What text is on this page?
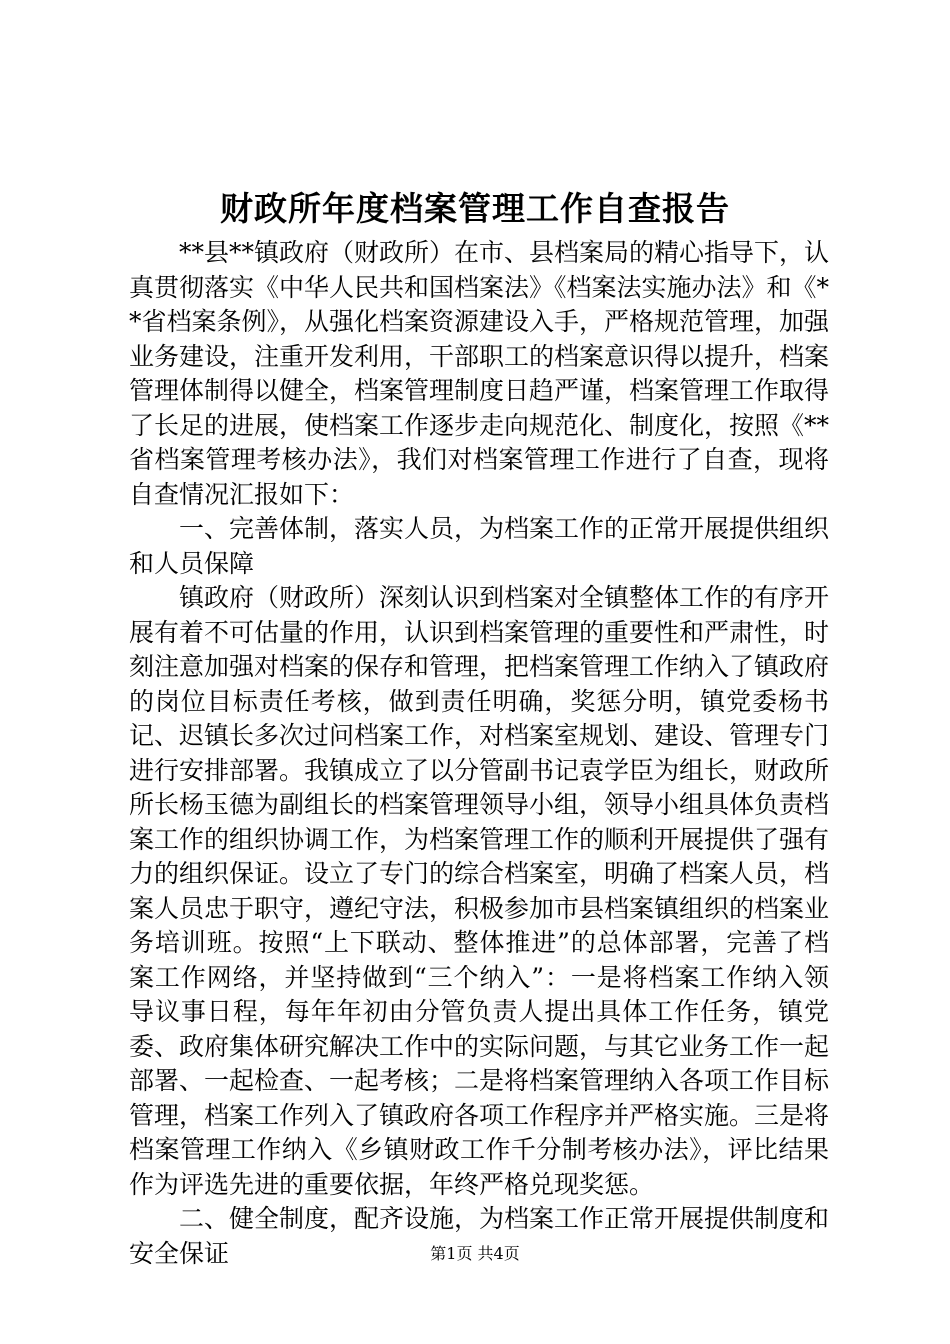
财政所年度档案管理工作自查报告

**县**镇政府（财政所）在市、县档案局的精心指导下，认真贯彻落实《中华人民共和国档案法》《档案法实施办法》和《**省档案条例》，从强化档案资源建设入手，严格规范管理，加强业务建设，注重开发利用，干部职工的档案意识得以提升，档案管理体制得以健全，档案管理制度日趋严谨，档案管理工作取得了长足的进展，使档案工作逐步走向规范化、制度化，按照《**省档案管理考核办法》，我们对档案管理工作进行了自查，现将自查情况汇报如下：

一、完善体制，落实人员，为档案工作的正常开展提供组织和人员保障

镇政府（财政所）深刻认识到档案对全镇整体工作的有序开展有着不可估量的作用，认识到档案管理的重要性和严肃性，时刻注意加强对档案的保存和管理，把档案管理工作纳入了镇政府的岗位目标责任考核，做到责任明确，奖惩分明，镇党委杨书记、迟镇长多次过问档案工作，对档案室规划、建设、管理专门进行安排部署。我镇成立了以分管副书记袁学臣为组长，财政所所长杨玉德为副组长的档案管理领导小组，领导小组具体负责档案工作的组织协调工作，为档案管理工作的顺利开展提供了强有力的组织保证。设立了专门的综合档案室，明确了档案人员，档案人员忠于职守，遵纪守法，积极参加市县档案镇组织的档案业务培训班。按照“上下联动、整体推进”的总体部署，完善了档案工作网络，并坚持做到“三个纳入”：一是将档案工作纳入领导议事日程，每年年初由分管负责人提出具体工作任务，镇党委、政府集体研究解决工作中的实际问题，与其它业务工作一起部署、一起检查、一起考核；二是将档案管理纳入各项工作目标管理，档案工作列入了镇政府各项工作程序并严格实施。三是将档案管理工作纳入《乡镇财政工作千分制考核办法》，评比结果作为评选先进的重要依据，年终严格兑现奖惩。

二、健全制度，配齐设施，为档案工作正常开展提供制度和安全保证	第1页 共4页
